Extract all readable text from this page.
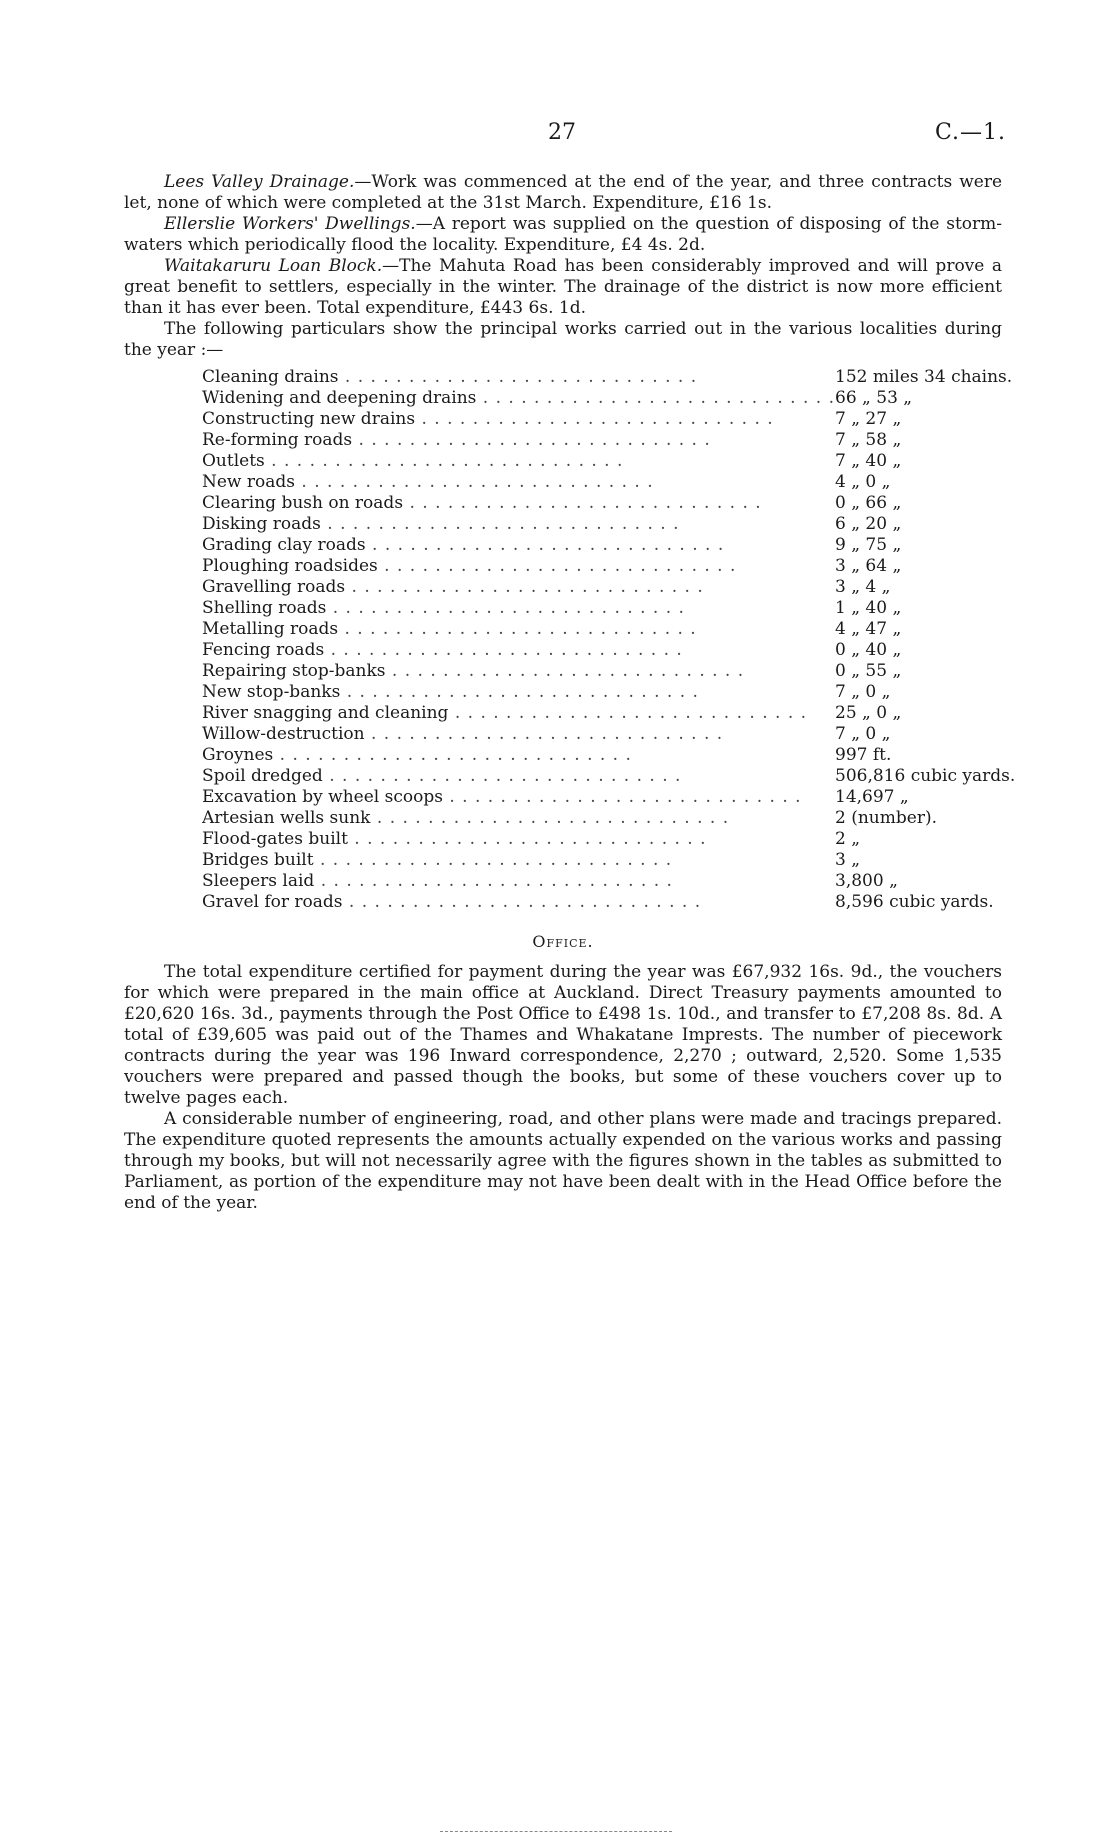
27	C.—1.

Lees Valley Drainage.—Work was commenced at the end of the year, and three contracts were let, none of which were completed at the 31st March. Expenditure, £16 1s.

Ellerslie Workers' Dwellings.—A report was supplied on the question of disposing of the storm-waters which periodically flood the locality. Expenditure, £4 4s. 2d.

Waitakaruru Loan Block.—The Mahuta Road has been considerably improved and will prove a great benefit to settlers, especially in the winter. The drainage of the district is now more efficient than it has ever been. Total expenditure, £443 6s. 1d.

The following particulars show the principal works carried out in the various localities during the year :—

Cleaning drains . . . . . . . . . . . . . . . . . . . . . . . . . . . .	152 miles 34 chains.
Widening and deepening drains . . . . . . . . . . . . . . . . . . . . . . . . . . . .	66 „ 53 „
Constructing new drains . . . . . . . . . . . . . . . . . . . . . . . . . . . .	7 „ 27 „
Re-forming roads . . . . . . . . . . . . . . . . . . . . . . . . . . . .	7 „ 58 „
Outlets . . . . . . . . . . . . . . . . . . . . . . . . . . . .	7 „ 40 „
New roads . . . . . . . . . . . . . . . . . . . . . . . . . . . .	4 „ 0 „
Clearing bush on roads . . . . . . . . . . . . . . . . . . . . . . . . . . . .	0 „ 66 „
Disking roads . . . . . . . . . . . . . . . . . . . . . . . . . . . .	6 „ 20 „
Grading clay roads . . . . . . . . . . . . . . . . . . . . . . . . . . . .	9 „ 75 „
Ploughing roadsides . . . . . . . . . . . . . . . . . . . . . . . . . . . .	3 „ 64 „
Gravelling roads . . . . . . . . . . . . . . . . . . . . . . . . . . . .	3 „ 4 „
Shelling roads . . . . . . . . . . . . . . . . . . . . . . . . . . . .	1 „ 40 „
Metalling roads . . . . . . . . . . . . . . . . . . . . . . . . . . . .	4 „ 47 „
Fencing roads . . . . . . . . . . . . . . . . . . . . . . . . . . . .	0 „ 40 „
Repairing stop-banks . . . . . . . . . . . . . . . . . . . . . . . . . . . .	0 „ 55 „
New stop-banks . . . . . . . . . . . . . . . . . . . . . . . . . . . .	7 „ 0 „
River snagging and cleaning . . . . . . . . . . . . . . . . . . . . . . . . . . . .	25 „ 0 „
Willow-destruction . . . . . . . . . . . . . . . . . . . . . . . . . . . .	7 „ 0 „
Groynes . . . . . . . . . . . . . . . . . . . . . . . . . . . .	997 ft.
Spoil dredged . . . . . . . . . . . . . . . . . . . . . . . . . . . .	506,816 cubic yards.
Excavation by wheel scoops . . . . . . . . . . . . . . . . . . . . . . . . . . . .	14,697 „
Artesian wells sunk . . . . . . . . . . . . . . . . . . . . . . . . . . . .	2 (number).
Flood-gates built . . . . . . . . . . . . . . . . . . . . . . . . . . . .	2 „
Bridges built . . . . . . . . . . . . . . . . . . . . . . . . . . . .	3 „
Sleepers laid . . . . . . . . . . . . . . . . . . . . . . . . . . . .	3,800 „
Gravel for roads . . . . . . . . . . . . . . . . . . . . . . . . . . . .	8,596 cubic yards.
Office.

The total expenditure certified for payment during the year was £67,932 16s. 9d., the vouchers for which were prepared in the main office at Auckland. Direct Treasury payments amounted to £20,620 16s. 3d., payments through the Post Office to £498 1s. 10d., and transfer to £7,208 8s. 8d. A total of £39,605 was paid out of the Thames and Whakatane Imprests. The number of piecework contracts during the year was 196 Inward correspondence, 2,270 ; outward, 2,520. Some 1,535 vouchers were prepared and passed though the books, but some of these vouchers cover up to twelve pages each.

A considerable number of engineering, road, and other plans were made and tracings prepared. The expenditure quoted represents the amounts actually expended on the various works and passing through my books, but will not necessarily agree with the figures shown in the tables as submitted to Parliament, as portion of the expenditure may not have been dealt with in the Head Office before the end of the year.
